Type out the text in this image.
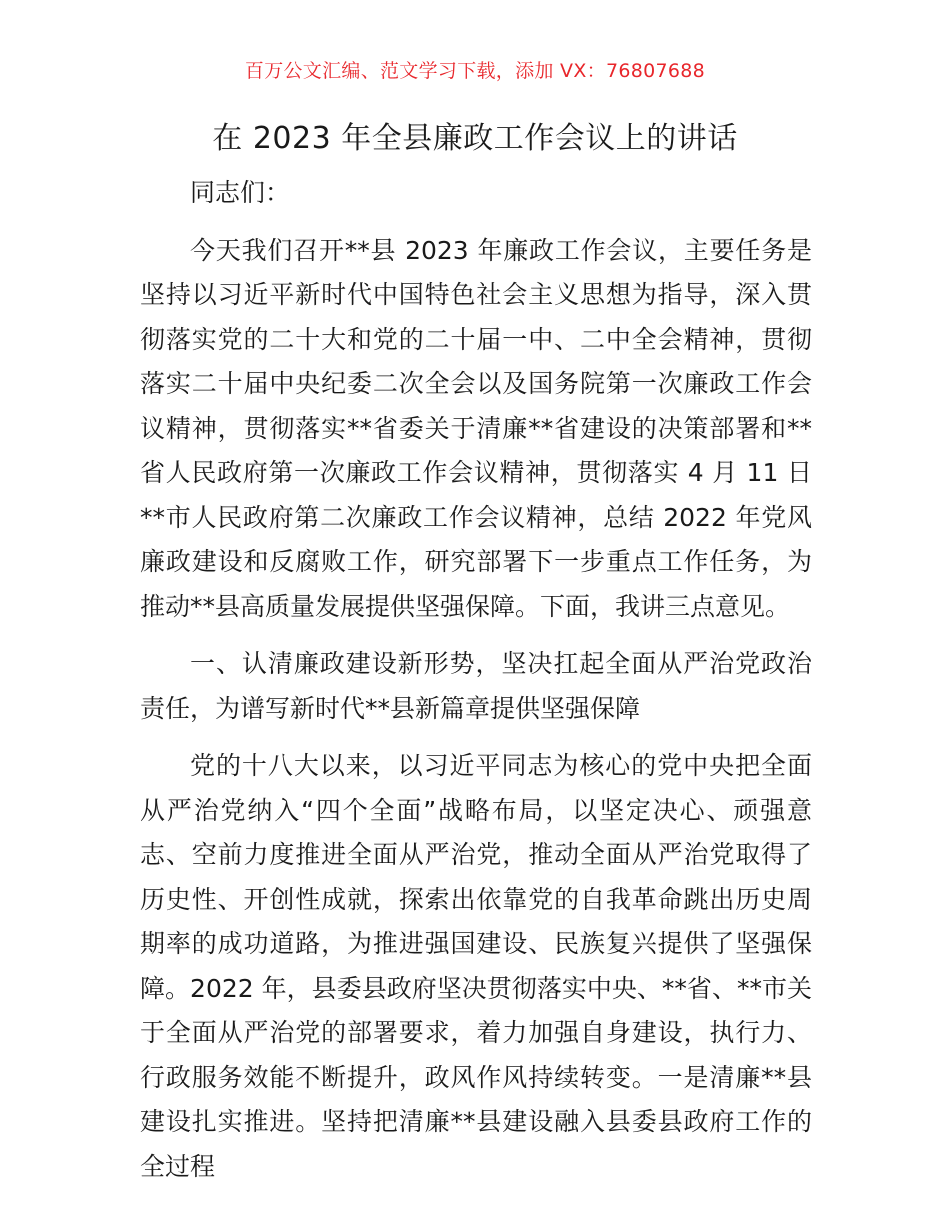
百万公文汇编、范文学习下载，添加 VX：76807688
在 2023 年全县廉政工作会议上的讲话

同志们：

今天我们召开**县 2023 年廉政工作会议，主要任务是坚持以习近平新时代中国特色社会主义思想为指导，深入贯彻落实党的二十大和党的二十届一中、二中全会精神，贯彻落实二十届中央纪委二次全会以及国务院第一次廉政工作会议精神，贯彻落实**省委关于清廉**省建设的决策部署和**省人民政府第一次廉政工作会议精神，贯彻落实 4 月 11 日**市人民政府第二次廉政工作会议精神，总结 2022 年党风廉政建设和反腐败工作，研究部署下一步重点工作任务，为推动**县高质量发展提供坚强保障。下面，我讲三点意见。

一、认清廉政建设新形势，坚决扛起全面从严治党政治责任，为谱写新时代**县新篇章提供坚强保障

党的十八大以来，以习近平同志为核心的党中央把全面从严治党纳入“四个全面”战略布局，以坚定决心、顽强意志、空前力度推进全面从严治党，推动全面从严治党取得了历史性、开创性成就，探索出依靠党的自我革命跳出历史周期率的成功道路，为推进强国建设、民族复兴提供了坚强保障。2022 年，县委县政府坚决贯彻落实中央、**省、**市关于全面从严治党的部署要求，着力加强自身建设，执行力、行政服务效能不断提升，政风作风持续转变。一是清廉**县建设扎实推进。坚持把清廉**县建设融入县委县政府工作的全过程
